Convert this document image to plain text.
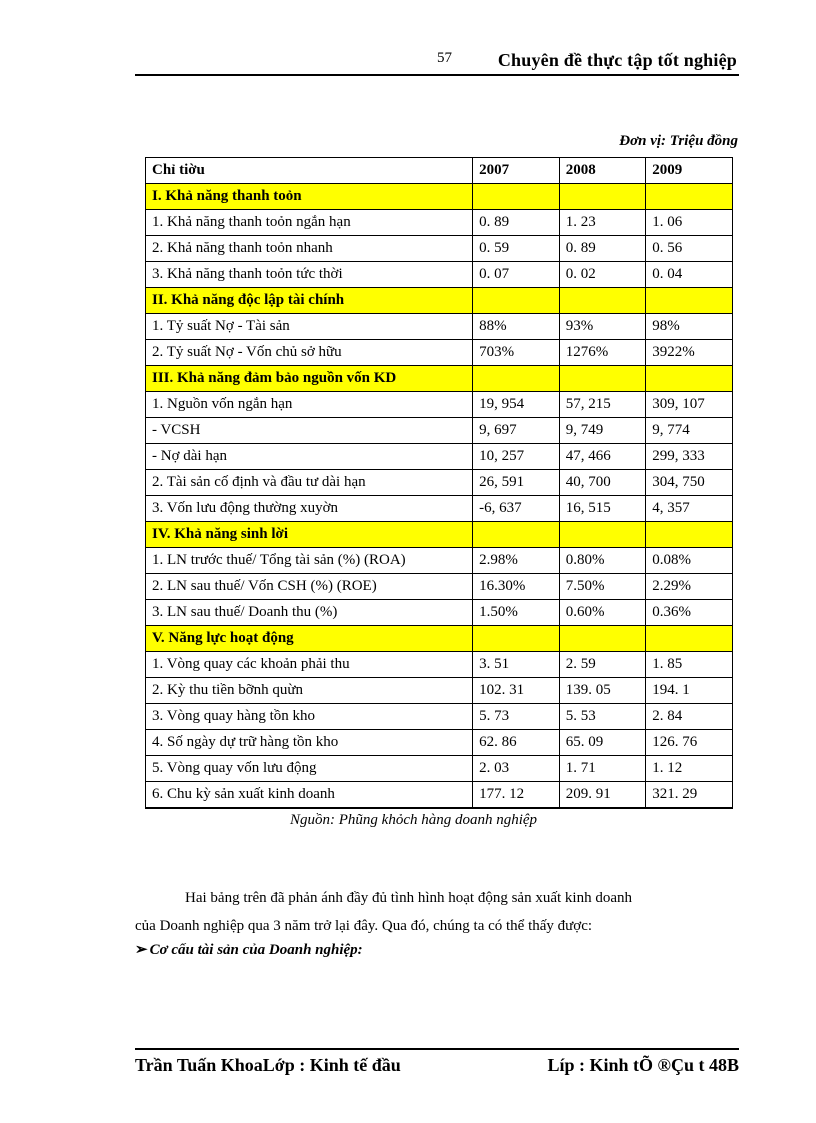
57	Chuyên đề thực tập tốt nghiệp
Đơn vị: Triệu đồng
Chỉ tiờu	2007	2008	2009
I. Khả năng thanh toỏn			
1. Khả năng thanh toỏn ngắn hạn	0. 89	1. 23	1. 06
2. Khả năng thanh toỏn nhanh	0. 59	0. 89	0. 56
3. Khả năng thanh toỏn tức thời	0. 07	0. 02	0. 04
II. Khả năng độc lập tài chính			
1. Tỷ suất Nợ - Tài sản	88%	93%	98%
2. Tỷ suất Nợ - Vốn chủ sở hữu	703%	1276%	3922%
III. Khả năng đảm bảo nguồn vốn KD			
1. Nguồn vốn ngắn hạn	19, 954	57, 215	309, 107
- VCSH	9, 697	9, 749	9, 774
- Nợ dài hạn	10, 257	47, 466	299, 333
2. Tài sản cố định và đầu tư dài hạn	26, 591	40, 700	304, 750
3. Vốn lưu động thường xuyờn	-6, 637	16, 515	4, 357
IV. Khả năng sinh lời			
1. LN trước thuế/ Tổng tài sản (%) (ROA)	2.98%	0.80%	0.08%
2. LN sau thuế/ Vốn CSH (%) (ROE)	16.30%	7.50%	2.29%
3. LN sau thuế/ Doanh thu (%)	1.50%	0.60%	0.36%
V. Năng lực hoạt động			
1. Vòng quay các khoản phải thu	3. 51	2. 59	1. 85
2. Kỳ thu tiền bỡnh quừn	102. 31	139. 05	194. 1
3. Vòng quay hàng tồn kho	5. 73	5. 53	2. 84
4. Số ngày dự trữ hàng tồn kho	62. 86	65. 09	126. 76
5. Vòng quay vốn lưu động	2. 03	1. 71	1. 12
6. Chu kỳ sản xuất kinh doanh	177. 12	209. 91	321. 29
Nguồn: Phũng khỏch hàng doanh nghiệp
Hai bảng trên đã phản ánh đầy đủ tình hình hoạt động sản xuất kinh doanh
của Doanh nghiệp qua 3 năm trở lại đây. Qua đó, chúng ta có thể thấy được:
➢ Cơ cấu tài sản của Doanh nghiệp:
Trần Tuấn KhoaLớp : Kinh tế đầu	Líp : Kinh tÕ ®Çu t 48B
